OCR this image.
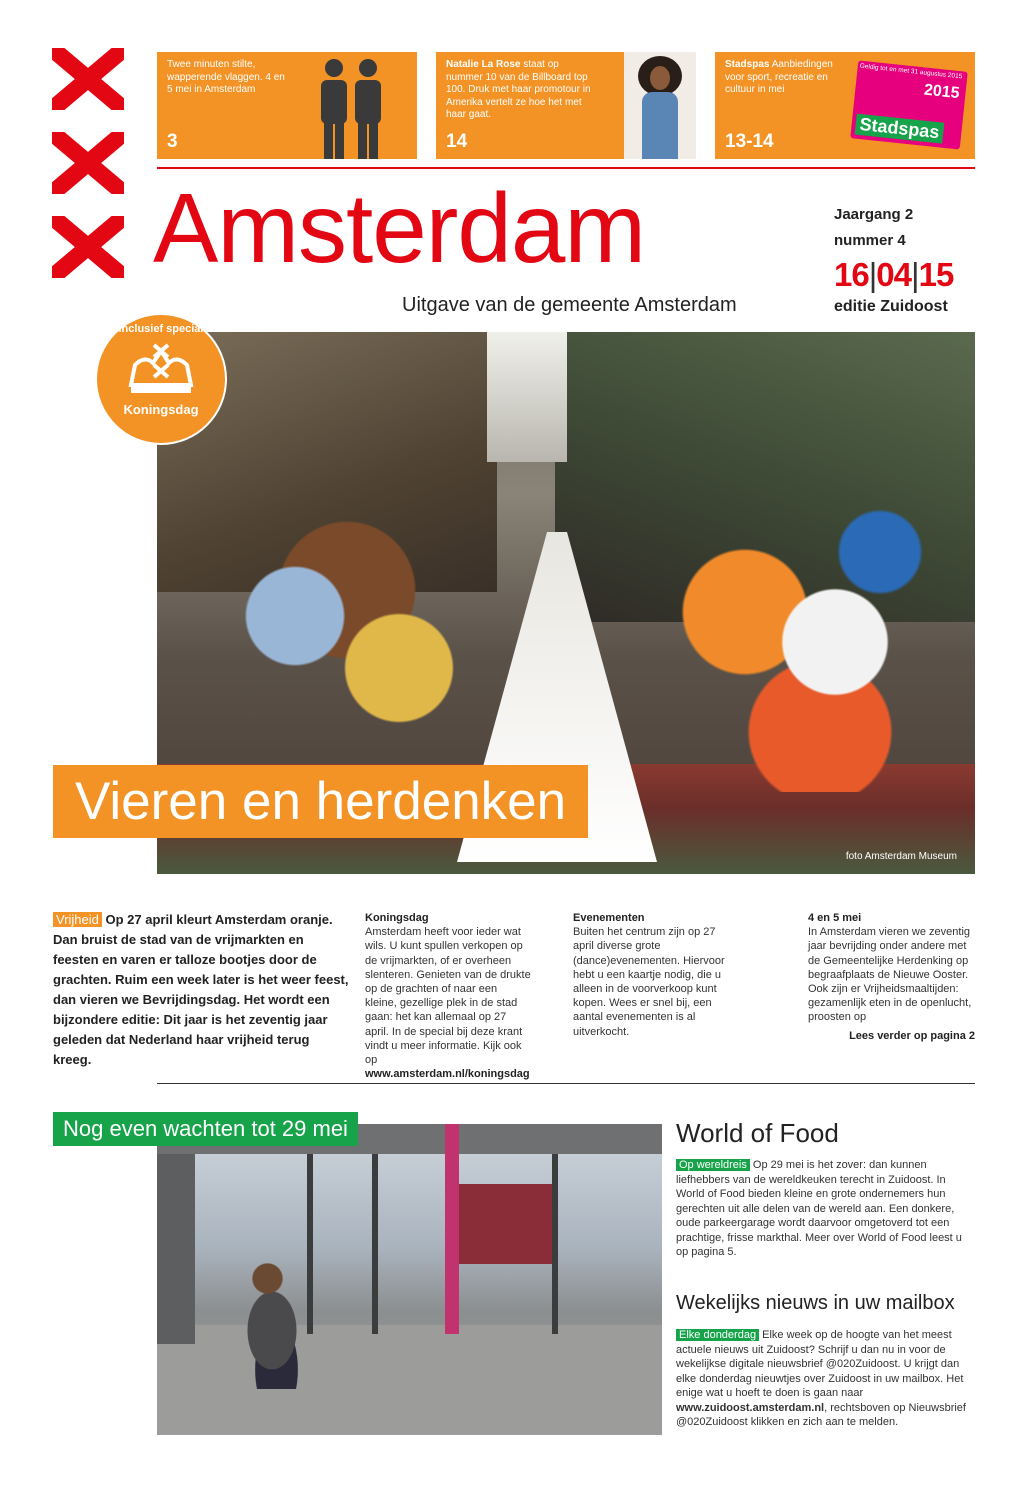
Twee minuten stilte, wapperende vlaggen. 4 en 5 mei in Amsterdam
3
Natalie La Rose staat op nummer 10 van de Billboard top 100. Druk met haar promotour in Amerika vertelt ze hoe het met haar gaat.
14
Stadspas Aanbiedingen voor sport, recreatie en cultuur in mei
Geldig tot en met 31 augustus 2015
2015
Stadspas
13-14
Amsterdam
Uitgave van de gemeente Amsterdam
Jaargang 2
nummer 4
16|04|15
editie Zuidoost
foto Amsterdam Museum
Inclusief special
Koningsdag
Vieren en herdenken
Vrijheid Op 27 april kleurt Amsterdam oranje. Dan bruist de stad van de vrijmarkten en feesten en varen er talloze bootjes door de grachten. Ruim een week later is het weer feest, dan vieren we Bevrijdingsdag. Het wordt een bijzondere editie: Dit jaar is het zeventig jaar geleden dat Nederland haar vrijheid terug kreeg.
Koningsdag
Amsterdam heeft voor ieder wat wils. U kunt spullen verkopen op de vrijmarkten, of er overheen slenteren. Genieten van de drukte op de grachten of naar een kleine, gezellige plek in de stad gaan: het kan allemaal op 27 april. In de special bij deze krant vindt u meer informatie. Kijk ook op www.amsterdam.nl/koningsdag
Evenementen
Buiten het centrum zijn op 27 april diverse grote (dance)evenementen. Hiervoor hebt u een kaartje nodig, die u alleen in de voorverkoop kunt kopen. Wees er snel bij, een aantal evenementen is al uitverkocht.
4 en 5 mei
In Amsterdam vieren we zeventig jaar bevrijding onder andere met de Gemeentelijke Herdenking op begraafplaats de Nieuwe Ooster. Ook zijn er Vrijheidsmaaltijden: gezamenlijk eten in de openlucht, proosten op
Lees verder op pagina 2
Nog even wachten tot 29 mei	World of Food

Op wereldreis Op 29 mei is het zover: dan kunnen liefhebbers van de wereldkeuken terecht in Zuidoost. In World of Food bieden kleine en grote ondernemers hun gerechten uit alle delen van de wereld aan. Een donkere, oude parkeergarage wordt daarvoor omgetoverd tot een prachtige, frisse markthal. Meer over World of Food leest u op pagina 5.

Wekelijks nieuws in uw mailbox

Elke donderdag Elke week op de hoogte van het meest actuele nieuws uit Zuidoost? Schrijf u dan nu in voor de wekelijkse digitale nieuwsbrief @020Zuidoost. U krijgt dan elke donderdag nieuwtjes over Zuidoost in uw mailbox. Het enige wat u hoeft te doen is gaan naar www.zuidoost.amsterdam.nl, rechtsboven op Nieuwsbrief @020Zuidoost klikken en zich aan te melden.
